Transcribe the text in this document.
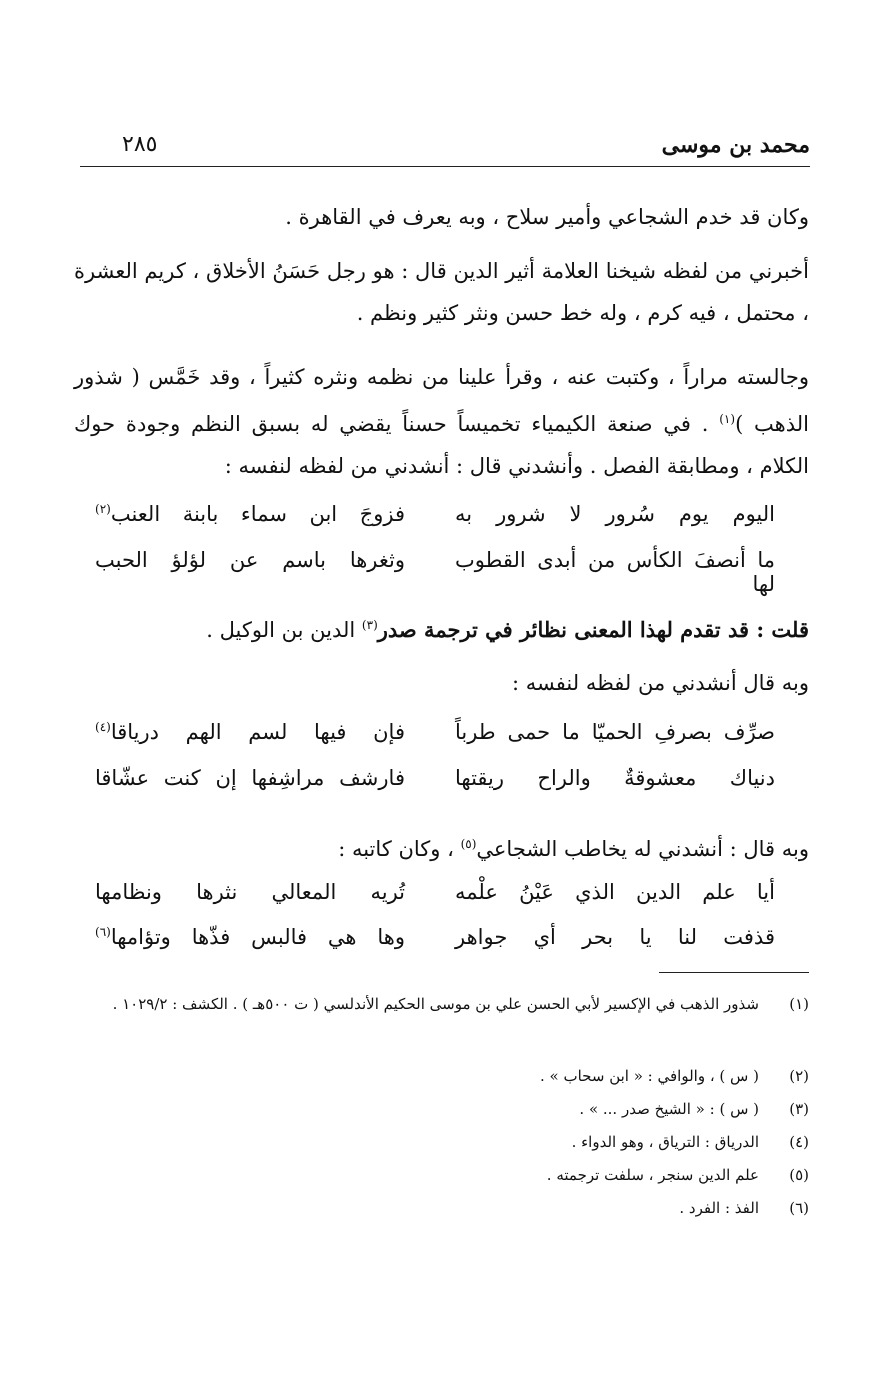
محمد بن موسى
٢٨٥
وكان قد خدم الشجاعي وأمير سلاح ، وبه يعرف في القاهرة .
أخبرني من لفظه شيخنا العلامة أثير الدين قال : هو رجل حَسَنُ الأخلاق ، كريم العشرة ، محتمل ، فيه كرم ، وله خط حسن ونثر كثير ونظم .
وجالسته مراراً ، وكتبت عنه ، وقرأ علينا من نظمه ونثره كثيراً ، وقد خَمَّس ( شذور الذهب )$^{(١)}$ . في صنعة الكيمياء تخميساً حسناً يقضي له بسبق النظم وجودة حوك الكلام ، ومطابقة الفصل . وأنشدني قال : أنشدني من لفظه لنفسه :
اليوم يوم سُرور لا شرور به
فزوجَ ابن سماء بابنة العنب$^{(٢)}$
ما أنصفَ الكأس من أبدى القطوب لها
وثغرها باسم عن لؤلؤ الحبب
قلت : قد تقدم لهذا المعنى نظائر في ترجمة صدر$^{(٣)}$ الدين بن الوكيل .
وبه قال أنشدني من لفظه لنفسه :
صرِّف بصرفِ الحميّا ما حمى طرباً
فإن فيها لسم الهم درياقا$^{(٤)}$
دنياك معشوقةٌ والراح ريقتها
فارشف مراشِفها إن كنت عشّاقا
وبه قال : أنشدني له يخاطب الشجاعي$^{(٥)}$ ، وكان كاتبه :
أيا علم الدين الذي عَيْنُ علْمه
تُريه المعالي نثرها ونظامها
قذفت لنا يا بحر أي جواهر
وها هي فالبس فذّها وتؤامها$^{(٦)}$
(١)شذور الذهب في الإكسير لأبي الحسن علي بن موسى الحكيم الأندلسي ( ت ٥٠٠هـ ) . الكشف : ١٠٢٩/٢ .
(٢)( س ) ، والوافي : « ابن سحاب » .
(٣)( س ) : « الشيخ صدر ... » .
(٤)الدرياق : الترياق ، وهو الدواء .
(٥)علم الدين سنجر ، سلفت ترجمته .
(٦)الفذ : الفرد .
